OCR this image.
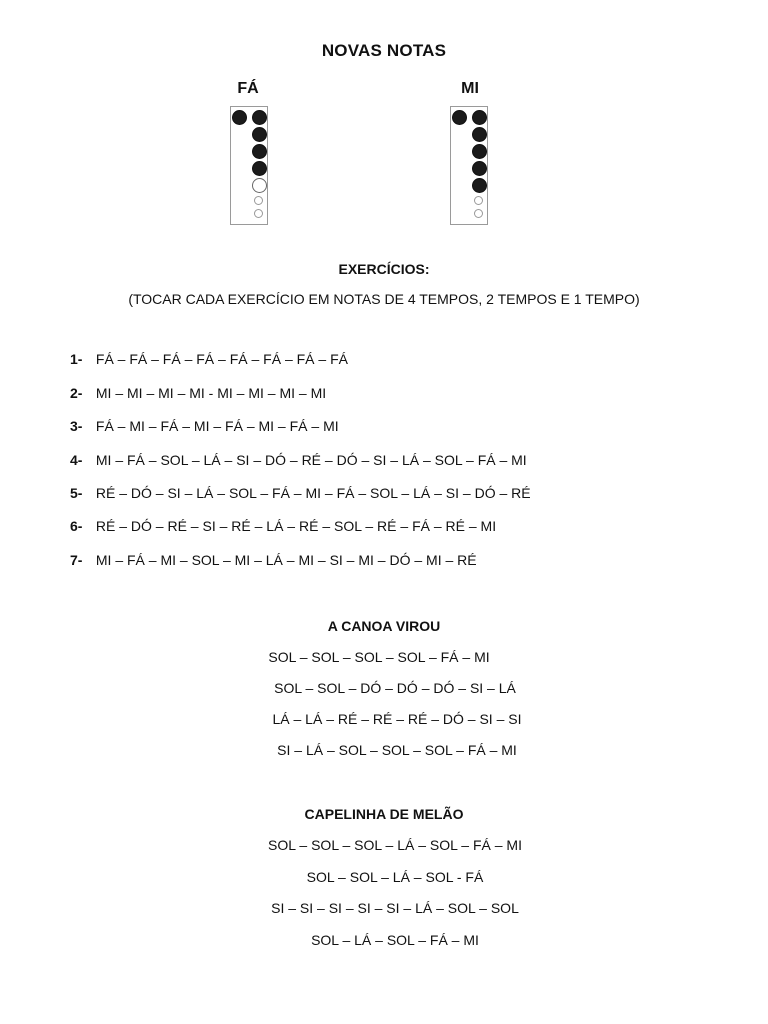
NOVAS NOTAS
FÁ	MI
EXERCÍCIOS:
(TOCAR CADA EXERCÍCIO EM NOTAS DE 4 TEMPOS, 2 TEMPOS E 1 TEMPO)
1- FÁ – FÁ – FÁ – FÁ – FÁ – FÁ – FÁ – FÁ
2- MI – MI – MI – MI - MI – MI – MI – MI
3- FÁ – MI – FÁ – MI – FÁ – MI – FÁ – MI
4- MI – FÁ – SOL – LÁ – SI – DÓ – RÉ – DÓ – SI – LÁ – SOL – FÁ – MI
5- RÉ – DÓ – SI – LÁ – SOL – FÁ – MI – FÁ – SOL – LÁ – SI – DÓ – RÉ
6- RÉ – DÓ – RÉ – SI – RÉ – LÁ – RÉ – SOL – RÉ – FÁ – RÉ – MI
7- MI – FÁ – MI – SOL – MI – LÁ – MI – SI – MI – DÓ – MI – RÉ
A CANOA VIROU
SOL – SOL – SOL – SOL – FÁ – MI
SOL – SOL – DÓ – DÓ – DÓ – SI – LÁ
LÁ – LÁ – RÉ – RÉ – RÉ – DÓ – SI – SI
SI – LÁ – SOL – SOL – SOL – FÁ – MI
CAPELINHA DE MELÃO
SOL – SOL – SOL – LÁ – SOL – FÁ – MI
SOL – SOL – LÁ – SOL - FÁ
SI – SI – SI – SI – SI – LÁ – SOL – SOL
SOL – LÁ – SOL – FÁ – MI
